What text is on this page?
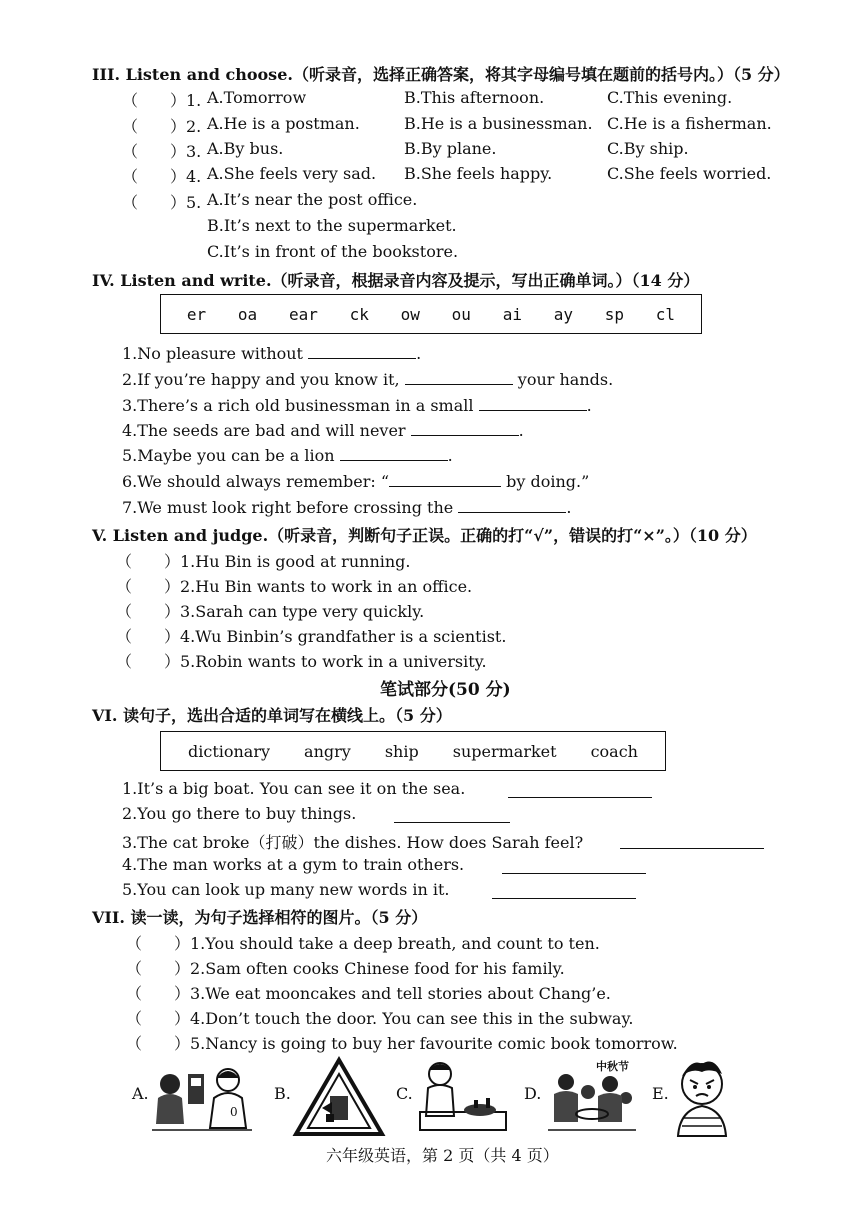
III. Listen and choose.（听录音，选择正确答案，将其字母编号填在题前的括号内。）（5 分）
（　　）1. A.Tomorrow	B.This afternoon.	C.This evening.
（　　）2. A.He is a postman.	B.He is a businessman. C.He is a fisherman.
（　　）3. A.By bus.	B.By plane.	C.By ship.
（　　）4. A.She feels very sad. B.She feels happy.	C.She feels worried.
（　　）5. A.It’s near the post office.
B.It’s next to the supermarket.
C.It’s in front of the bookstore.
IV. Listen and write.（听录音，根据录音内容及提示，写出正确单词。）（14 分）
er oa ear ck ow ou ai ay sp cl
1.No pleasure without	.
2.If you’re happy and you know it,	your hands.
3.There’s a rich old businessman in a small	.
4.The seeds are bad and will never	.
5.Maybe you can be a lion	.
6.We should always remember: “	by doing.”
7.We must look right before crossing the	.
V. Listen and judge.（听录音，判断句子正误。正确的打“√”，错误的打“×”。）（10 分）
（　　）1.Hu Bin is good at running.
（　　）2.Hu Bin wants to work in an office.
（　　）3.Sarah can type very quickly.
（　　）4.Wu Binbin’s grandfather is a scientist.
（　　）5.Robin wants to work in a university.
笔试部分(50 分)
VI. 读句子，选出合适的单词写在横线上。（5 分）
dictionary angry ship supermarket coach
1.It’s a big boat. You can see it on the sea.
2.You go there to buy things.
3.The cat broke（打破）the dishes. How does Sarah feel?
4.The man works at a gym to train others.
5.You can look up many new words in it.
VII. 读一读，为句子选择相符的图片。（5 分）
（　　）1.You should take a deep breath, and count to ten.
（　　）2.Sam often cooks Chinese food for his family.
（　　）3.We eat mooncakes and tell stories about Chang’e.
（　　）4.Don’t touch the door. You can see this in the subway.
（　　）5.Nancy is going to buy her favourite comic book tomorrow.
A.
0
B.	C.	D.
中秋节
E.
六年级英语，第 2 页（共 4 页）
